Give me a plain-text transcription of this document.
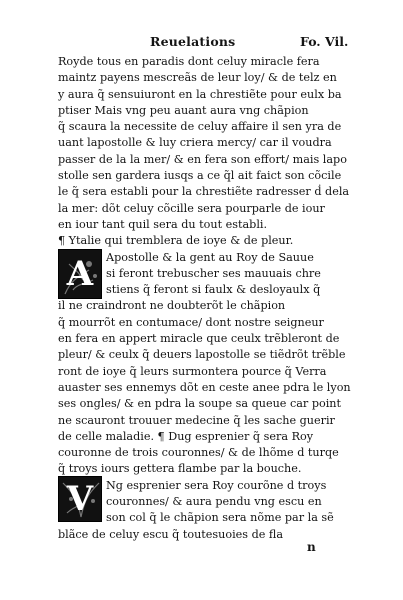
Reuelations	Fo. Vil.
A
V
Royde tous en paradis dont celuy miracle fera
maintz payens mescreãs de leur loy/ & de telz en
y aura q̃ sensuiuront en la chrestiẽte pour eulx ba
ptiser Mais vng peu auant aura vng chãpion
q̃ scaura la necessite de celuy affaire il sen yra de
uant lapostolle & luy criera mercy/ car il voudra
passer de la la mer/ & en fera son effort/ mais lapo
stolle sen gardera iusqs a ce q̃l ait faict son cõcile
le q̃ sera establi pour la chrestiẽte radresser ḋ dela
la mer: dõt celuy cõcille sera pourparle de iour
en iour tant quil sera du tout establi.
¶ Ytalie qui tremblera de ioye & de pleur.
Apostolle & la gent au Roy de Sauue
si feront trebuscher ses mauuais chre
stiens q̃ feront si faulx & desloyaulx q̃
il ne craindront ne doubterõt le chãpion
q̃ mourrõt en contumace/ dont nostre seigneur
en fera en appert miracle que ceulx trẽbleront de
pleur/ & ceulx q̃ deuers lapostolle se tiẽdrõt trẽble
ront de ioye q̃ leurs surmontera pource q̃ Verra
auaster ses ennemys dõt en ceste anee pdra le lyon
ses ongles/ & en pdra la soupe sa queue car point
ne scauront trouuer medecine q̃ les sache guerir
de celle maladie. ¶ Dug esprenier q̃ sera Roy
couronne de trois couronnes/ & de lhõme d turqe
q̃ troys iours gettera flambe par la bouche.
Ng esprenier sera Roy courõne d troys
couronnes/ & aura pendu vng escu en
son col q̃ le chãpion sera nõme par la sẽ
blãce de celuy escu q̃ toutesuoies de fla
n
